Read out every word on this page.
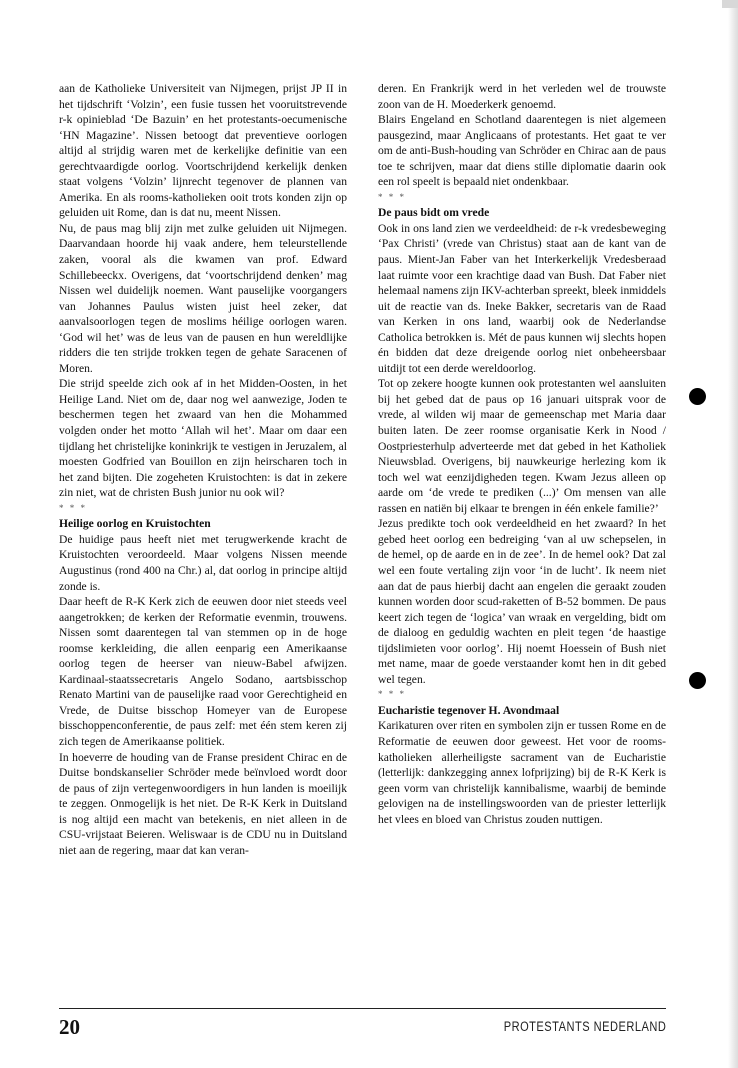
aan de Katholieke Universiteit van Nijmegen, prijst JP II in het tijdschrift ‘Volzin’, een fusie tussen het vooruitstrevende r-k opinieblad ‘De Bazuin’ en het protestants-oecumenische ‘HN Magazine’. Nissen betoogt dat preventieve oorlogen altijd al strijdig waren met de kerkelijke definitie van een gerechtvaardigde oorlog. Voortschrijdend kerkelijk denken staat volgens ‘Volzin’ lijnrecht tegenover de plannen van Amerika. En als rooms-katholieken ooit trots konden zijn op geluiden uit Rome, dan is dat nu, meent Nissen.

Nu, de paus mag blij zijn met zulke geluiden uit Nijmegen. Daarvandaan hoorde hij vaak andere, hem teleurstellende zaken, vooral als die kwamen van prof. Edward Schillebeeckx. Overigens, dat ‘voortschrijdend denken’ mag Nissen wel duidelijk noemen. Want pauselijke voorgangers van Johannes Paulus wisten juist heel zeker, dat aanvalsoorlogen tegen de moslims héilige oorlogen waren. ‘God wil het’ was de leus van de pausen en hun wereldlijke ridders die ten strijde trokken tegen de gehate Saracenen of Moren.

Die strijd speelde zich ook af in het Midden-Oosten, in het Heilige Land. Niet om de, daar nog wel aanwezige, Joden te beschermen tegen het zwaard van hen die Mohammed volgden onder het motto ‘Allah wil het’. Maar om daar een tijdlang het christelijke koninkrijk te vestigen in Jeruzalem, al moesten Godfried van Bouillon en zijn heirscharen toch in het zand bijten. Die zogeheten Kruistochten: is dat in zekere zin niet, wat de christen Bush junior nu ook wil?

* * *

Heilige oorlog en Kruistochten

De huidige paus heeft niet met terugwerkende kracht de Kruistochten veroordeeld. Maar volgens Nissen meende Augustinus (rond 400 na Chr.) al, dat oorlog in principe altijd zonde is.

Daar heeft de R-K Kerk zich de eeuwen door niet steeds veel aangetrokken; de kerken der Reformatie evenmin, trouwens. Nissen somt daarentegen tal van stemmen op in de hoge roomse kerkleiding, die allen eenparig een Amerikaanse oorlog tegen de heerser van nieuw-Babel afwijzen. Kardinaal-staatssecretaris Angelo Sodano, aartsbisschop Renato Martini van de pauselijke raad voor Gerechtigheid en Vrede, de Duitse bisschop Homeyer van de Europese bisschoppenconferentie, de paus zelf: met één stem keren zij zich tegen de Amerikaanse politiek.

In hoeverre de houding van de Franse president Chirac en de Duitse bondskanselier Schröder mede beïnvloed wordt door de paus of zijn vertegenwoordigers in hun landen is moeilijk te zeggen. Onmogelijk is het niet. De R-K Kerk in Duitsland is nog altijd een macht van betekenis, en niet alleen in de CSU-vrijstaat Beieren. Weliswaar is de CDU nu in Duitsland niet aan de regering, maar dat kan veran-

deren. En Frankrijk werd in het verleden wel de trouwste zoon van de H. Moederkerk genoemd.

Blairs Engeland en Schotland daarentegen is niet algemeen pausgezind, maar Anglicaans of protestants. Het gaat te ver om de anti-Bush-houding van Schröder en Chirac aan de paus toe te schrijven, maar dat diens stille diplomatie daarin ook een rol speelt is bepaald niet ondenkbaar.

* * *

De paus bidt om vrede

Ook in ons land zien we verdeeldheid: de r-k vredesbeweging ‘Pax Christi’ (vrede van Christus) staat aan de kant van de paus. Mient-Jan Faber van het Interkerkelijk Vredesberaad laat ruimte voor een krachtige daad van Bush. Dat Faber niet helemaal namens zijn IKV-achterban spreekt, bleek inmiddels uit de reactie van ds. Ineke Bakker, secretaris van de Raad van Kerken in ons land, waarbij ook de Nederlandse Catholica betrokken is. Mét de paus kunnen wij slechts hopen én bidden dat deze dreigende oorlog niet onbeheersbaar uitdijt tot een derde wereldoorlog.

Tot op zekere hoogte kunnen ook protestanten wel aansluiten bij het gebed dat de paus op 16 januari uitsprak voor de vrede, al wilden wij maar de gemeenschap met Maria daar buiten laten. De zeer roomse organisatie Kerk in Nood / Oostpriesterhulp adverteerde met dat gebed in het Katholiek Nieuwsblad. Overigens, bij nauwkeurige herlezing kom ik toch wel wat eenzijdigheden tegen. Kwam Jezus alleen op aarde om ‘de vrede te prediken (...)’ Om mensen van alle rassen en natiën bij elkaar te brengen in één enkele familie?’

Jezus predikte toch ook verdeeldheid en het zwaard? In het gebed heet oorlog een bedreiging ‘van al uw schepselen, in de hemel, op de aarde en in de zee’. In de hemel ook? Dat zal wel een foute vertaling zijn voor ‘in de lucht’. Ik neem niet aan dat de paus hierbij dacht aan engelen die geraakt zouden kunnen worden door scud-raketten of B-52 bommen. De paus keert zich tegen de ‘logica’ van wraak en vergelding, bidt om de dialoog en geduldig wachten en pleit tegen ‘de haastige tijdslimieten voor oorlog’. Hij noemt Hoessein of Bush niet met name, maar de goede verstaander komt hen in dit gebed wel tegen.

* * *

Eucharistie tegenover H. Avondmaal

Karikaturen over riten en symbolen zijn er tussen Rome en de Reformatie de eeuwen door geweest. Het voor de rooms-katholieken allerheiligste sacrament van de Eucharistie (letterlijk: dankzegging annex lofprijzing) bij de R-K Kerk is geen vorm van christelijk kannibalisme, waarbij de beminde gelovigen na de instellingswoorden van de priester letterlijk het vlees en bloed van Christus zouden nuttigen.

20	PROTESTANTS NEDERLAND
